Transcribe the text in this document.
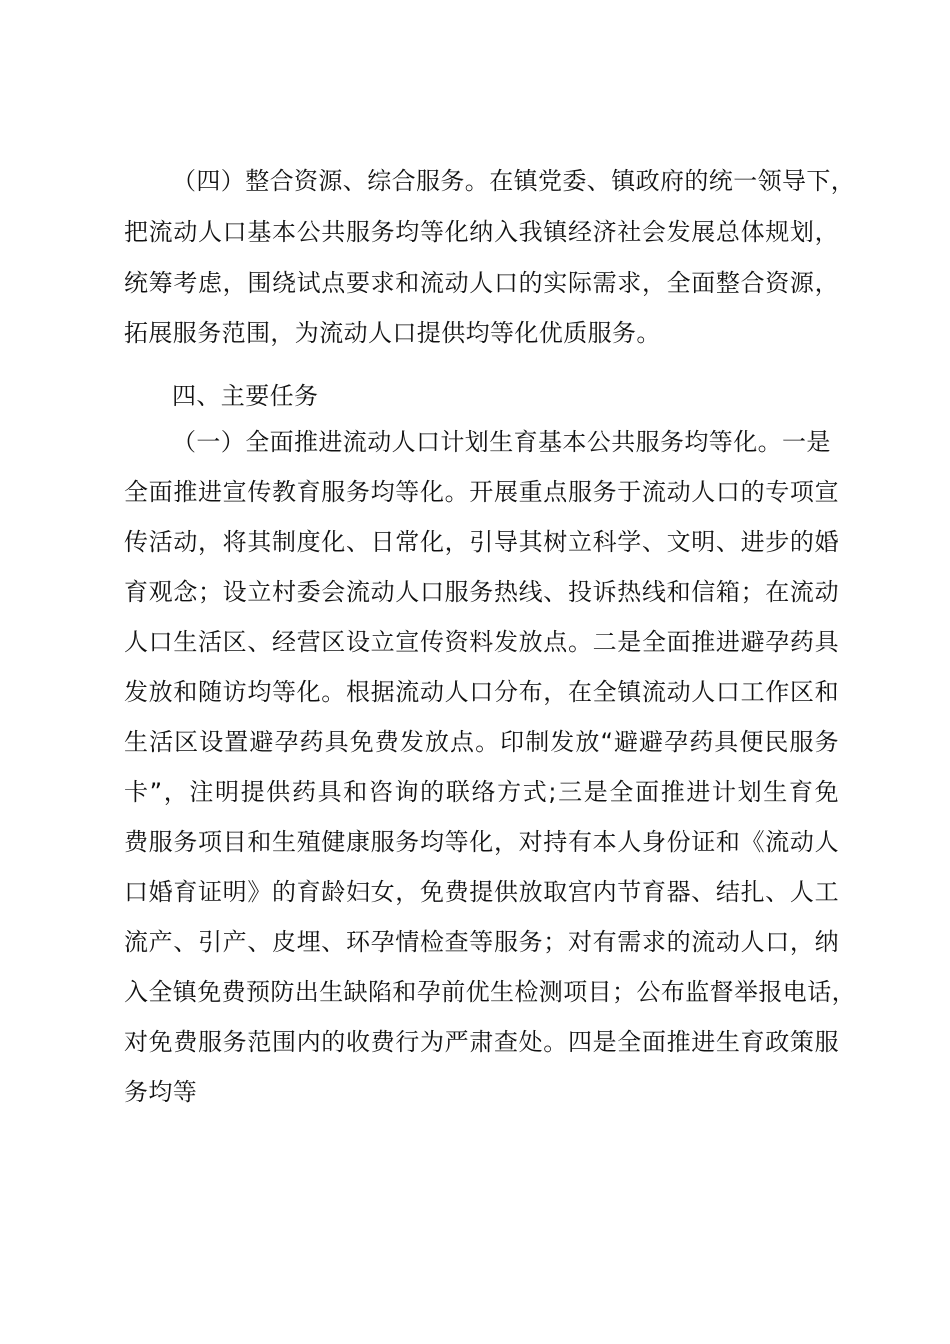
（四）整合资源、综合服务。在镇党委、镇政府的统一领导下，
把流动人口基本公共服务均等化纳入我镇经济社会发展总体规划，
统筹考虑，围绕试点要求和流动人口的实际需求，全面整合资源，
拓展服务范围，为流动人口提供均等化优质服务。
四、主要任务
（一）全面推进流动人口计划生育基本公共服务均等化。一是
全面推进宣传教育服务均等化。开展重点服务于流动人口的专项宣
传活动，将其制度化、日常化，引导其树立科学、文明、进步的婚
育观念；设立村委会流动人口服务热线、投诉热线和信箱；在流动
人口生活区、经营区设立宣传资料发放点。二是全面推进避孕药具
发放和随访均等化。根据流动人口分布，在全镇流动人口工作区和
生活区设置避孕药具免费发放点。印制发放“避避孕药具便民服务
卡”，注明提供药具和咨询的联络方式;三是全面推进计划生育免
费服务项目和生殖健康服务均等化，对持有本人身份证和《流动人
口婚育证明》的育龄妇女，免费提供放取宫内节育器、结扎、人工
流产、引产、皮埋、环孕情检查等服务；对有需求的流动人口，纳
入全镇免费预防出生缺陷和孕前优生检测项目；公布监督举报电话，
对免费服务范围内的收费行为严肃查处。四是全面推进生育政策服
务均等
